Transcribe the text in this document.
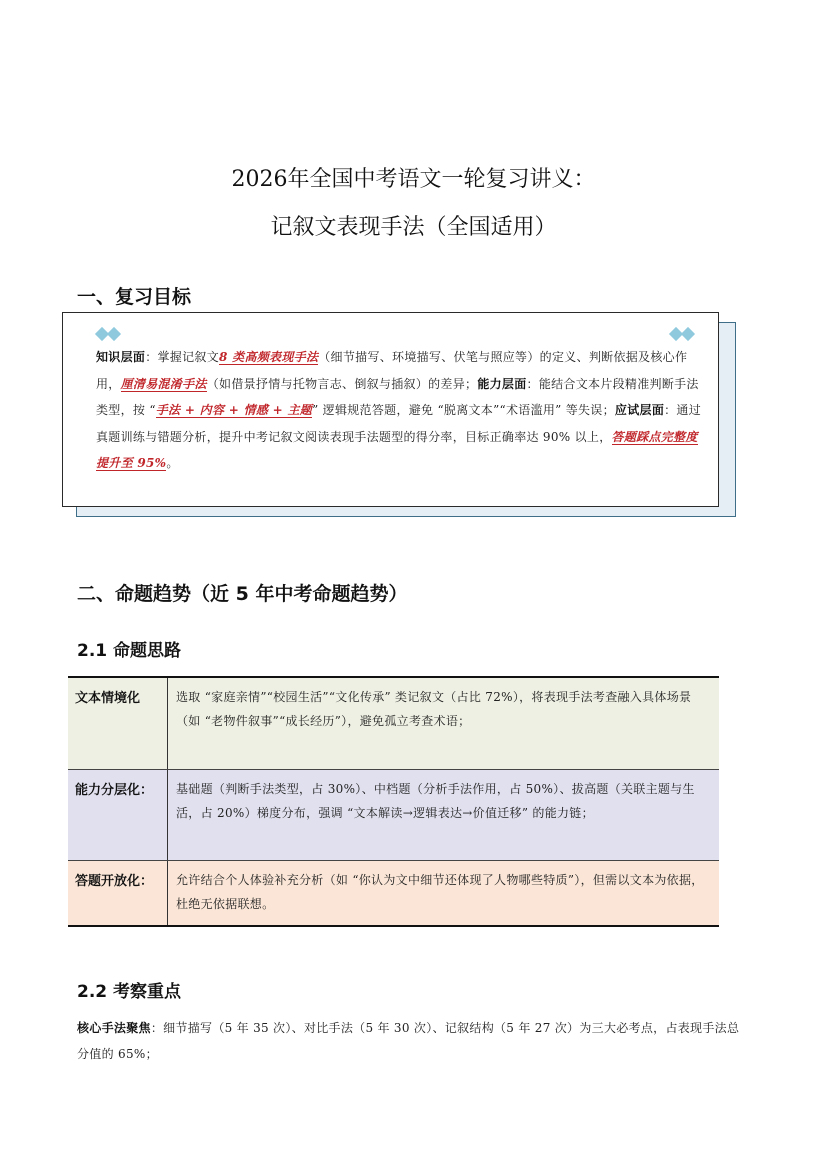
2026年全国中考语文一轮复习讲义：
记叙文表现手法（全国适用）
一、复习目标
知识层面：掌握记叙文8 类高频表现手法（细节描写、环境描写、伏笔与照应等）的定义、判断依据及核心作用，厘清易混淆手法（如借景抒情与托物言志、倒叙与插叙）的差异；能力层面：能结合文本片段精准判断手法类型，按 “手法 + 内容 + 情感 + 主题” 逻辑规范答题，避免 “脱离文本”“术语滥用” 等失误；应试层面：通过真题训练与错题分析，提升中考记叙文阅读表现手法题型的得分率，目标正确率达 90% 以上，答题踩点完整度提升至 95%。
二、命题趋势（近 5 年中考命题趋势）
2.1 命题思路
文本情境化	选取 “家庭亲情”“校园生活”“文化传承” 类记叙文（占比 72%），将表现手法考查融入具体场景（如 “老物件叙事”“成长经历”），避免孤立考查术语；
能力分层化：	基础题（判断手法类型，占 30%）、中档题（分析手法作用，占 50%）、拔高题（关联主题与生活，占 20%）梯度分布，强调 “文本解读→逻辑表达→价值迁移” 的能力链；
答题开放化：	允许结合个人体验补充分析（如 “你认为文中细节还体现了人物哪些特质”），但需以文本为依据，杜绝无依据联想。
2.2 考察重点
核心手法聚焦：细节描写（5 年 35 次）、对比手法（5 年 30 次）、记叙结构（5 年 27 次）为三大必考点，占表现手法总分值的 65%；
